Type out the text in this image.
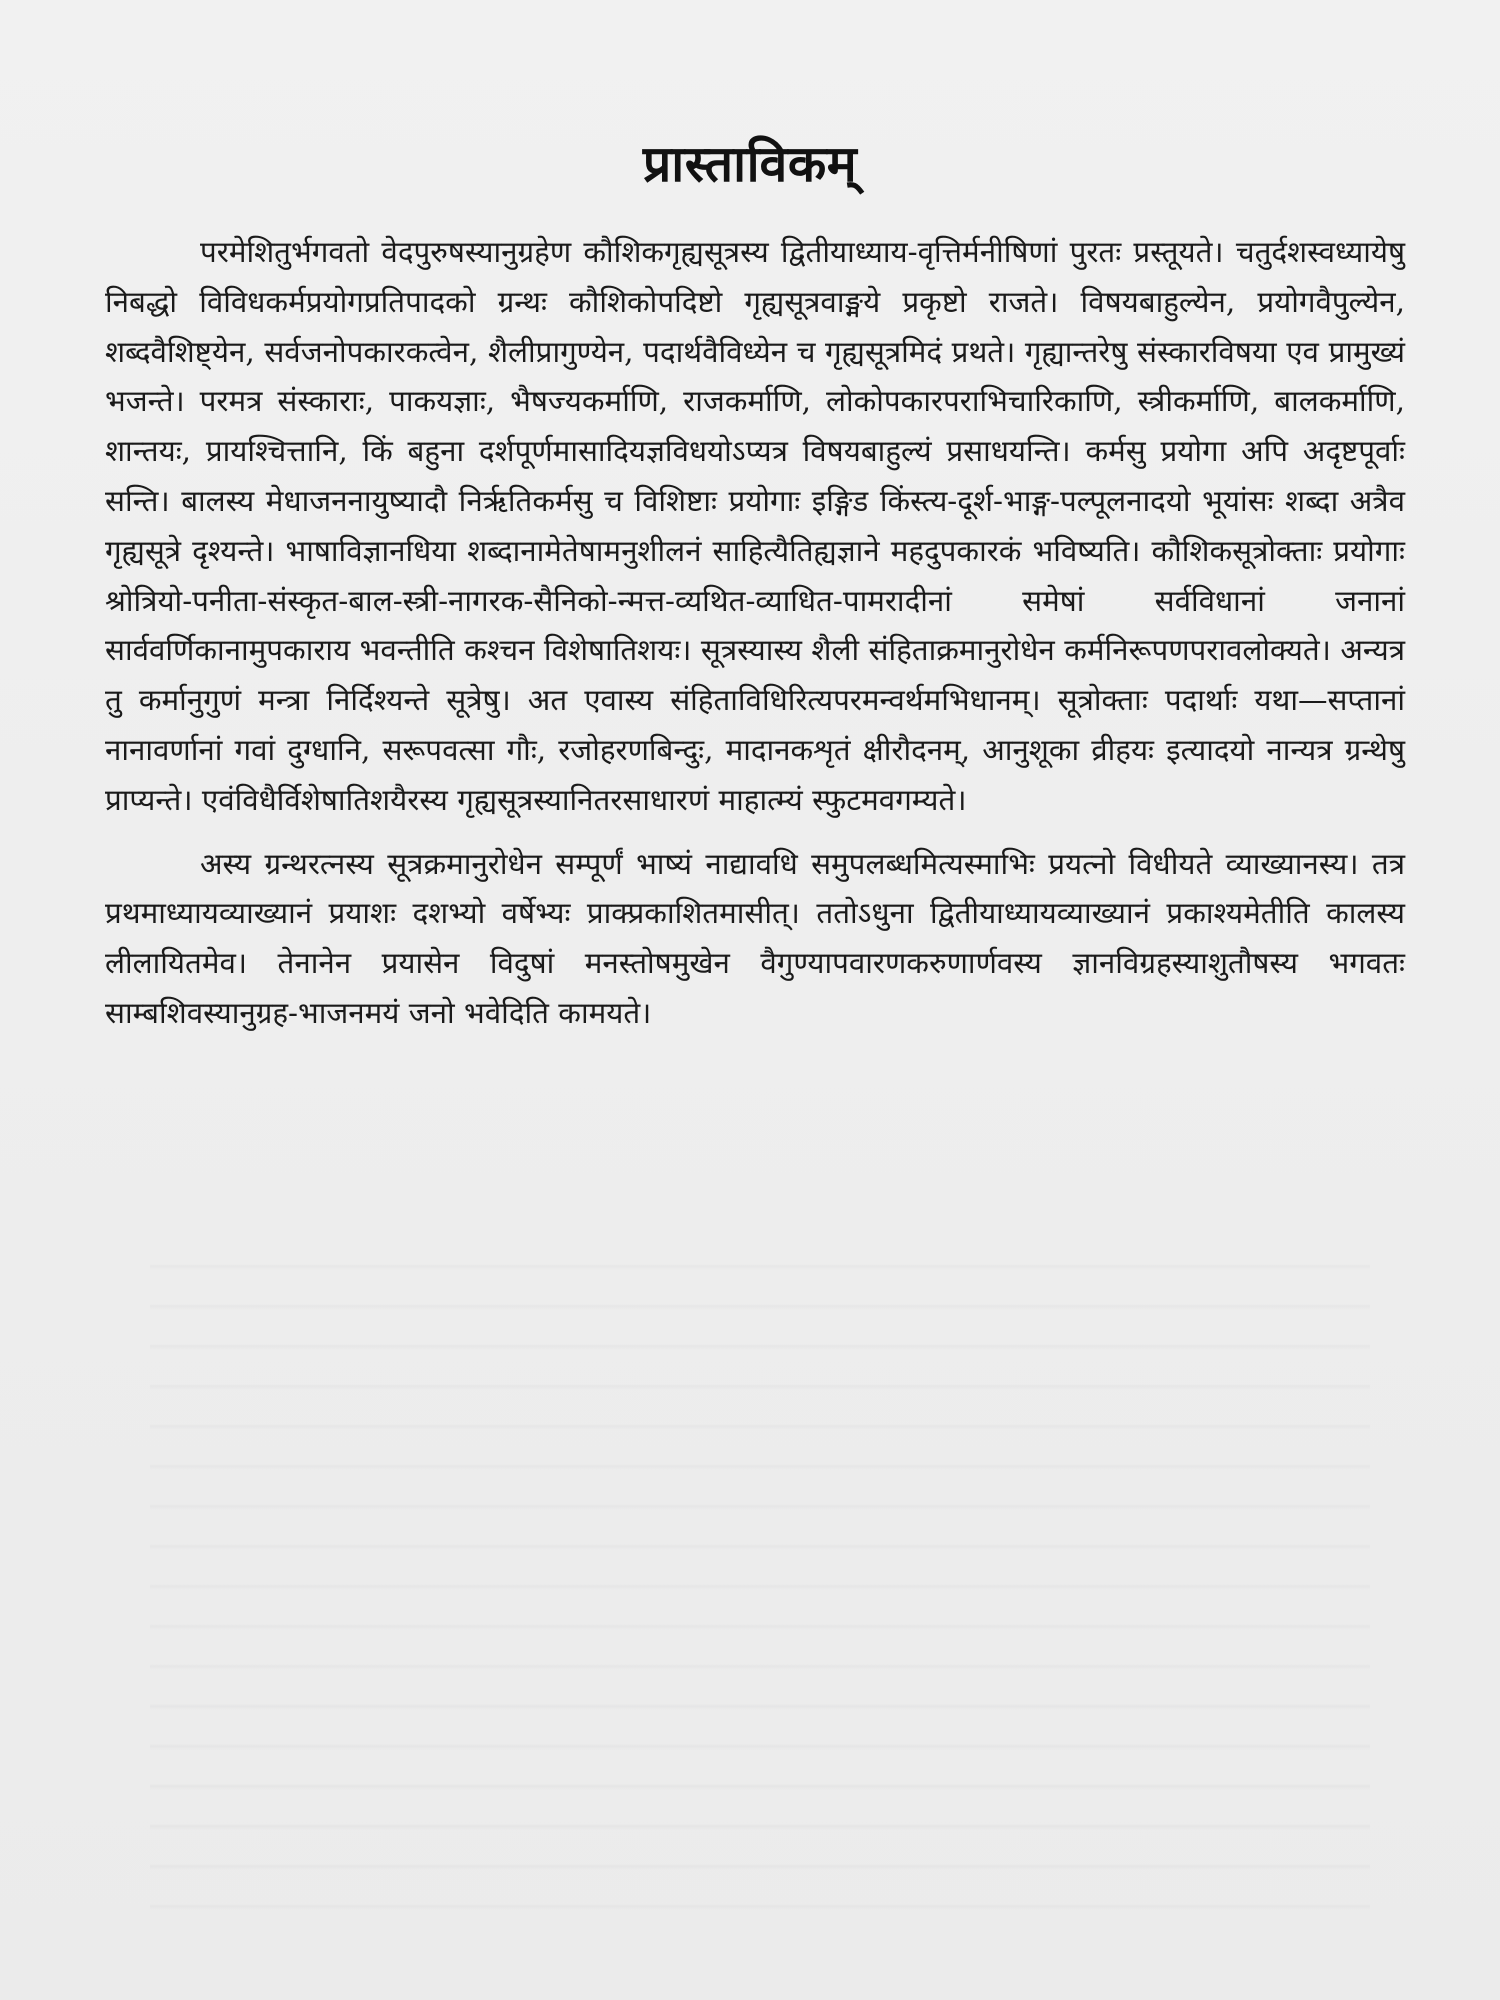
प्रास्ताविकम्

परमेशितुर्भगवतो वेदपुरुषस्यानुग्रहेण कौशिकगृह्यसूत्रस्य द्वितीयाध्याय-वृत्तिर्मनीषिणां पुरतः प्रस्तूयते। चतुर्दशस्वध्यायेषु निबद्धो विविधकर्मप्रयोगप्रतिपादको ग्रन्थः कौशिकोपदिष्टो गृह्यसूत्रवाङ्मये प्रकृष्टो राजते। विषयबाहुल्येन, प्रयोगवैपुल्येन, शब्दवैशिष्ट्येन, सर्वजनोपकारकत्वेन, शैलीप्रागुण्येन, पदार्थवैविध्येन च गृह्यसूत्रमिदं प्रथते। गृह्यान्तरेषु संस्कारविषया एव प्रामुख्यं भजन्ते। परमत्र संस्काराः, पाकयज्ञाः, भैषज्यकर्माणि, राजकर्माणि, लोकोपकारपराभिचारिकाणि, स्त्रीकर्माणि, बालकर्माणि, शान्तयः, प्रायश्चित्तानि, किं बहुना दर्शपूर्णमासादियज्ञविधयोऽप्यत्र विषयबाहुल्यं प्रसाधयन्ति। कर्मसु प्रयोगा अपि अदृष्टपूर्वाः सन्ति। बालस्य मेधाजननायुष्यादौ निर्ऋतिकर्मसु च विशिष्टाः प्रयोगाः इङ्गिड किंस्त्य-दूर्श-भाङ्ग-पल्पूलनादयो भूयांसः शब्दा अत्रैव गृह्यसूत्रे दृश्यन्ते। भाषाविज्ञानधिया शब्दानामेतेषामनुशीलनं साहित्यैतिह्यज्ञाने महदुपकारकं भविष्यति। कौशिकसूत्रोक्ताः प्रयोगाः श्रोत्रियो-पनीता-संस्कृत-बाल-स्त्री-नागरक-सैनिको-न्मत्त-व्यथित-व्याधित-पामरादीनां समेषां सर्वविधानां जनानां सार्ववर्णिकानामुपकाराय भवन्तीति कश्चन विशेषातिशयः। सूत्रस्यास्य शैली संहिताक्रमानुरोधेन कर्मनिरूपणपरावलोक्यते। अन्यत्र तु कर्मानुगुणं मन्त्रा निर्दिश्यन्ते सूत्रेषु। अत एवास्य संहिताविधिरित्यपरमन्वर्थमभिधानम्। सूत्रोक्ताः पदार्थाः यथा—सप्तानां नानावर्णानां गवां दुग्धानि, सरूपवत्सा गौः, रजोहरणबिन्दुः, मादानकशृतं क्षीरौदनम्, आनुशूका व्रीहयः इत्यादयो नान्यत्र ग्रन्थेषु प्राप्यन्ते। एवंविधैर्विशेषातिशयैरस्य गृह्यसूत्रस्यानितरसाधारणं माहात्म्यं स्फुटमवगम्यते।

अस्य ग्रन्थरत्नस्य सूत्रक्रमानुरोधेन सम्पूर्णं भाष्यं नाद्यावधि समुपलब्धमित्यस्माभिः प्रयत्नो विधीयते व्याख्यानस्य। तत्र प्रथमाध्यायव्याख्यानं प्रयाशः दशभ्यो वर्षेभ्यः प्राक्प्रकाशितमासीत्। ततोऽधुना द्वितीयाध्यायव्याख्यानं प्रकाश्यमेतीति कालस्य लीलायितमेव। तेनानेन प्रयासेन विदुषां मनस्तोषमुखेन वैगुण्यापवारणकरुणार्णवस्य ज्ञानविग्रहस्याशुतौषस्य भगवतः साम्बशिवस्यानुग्रह-भाजनमयं जनो भवेदिति कामयते।
